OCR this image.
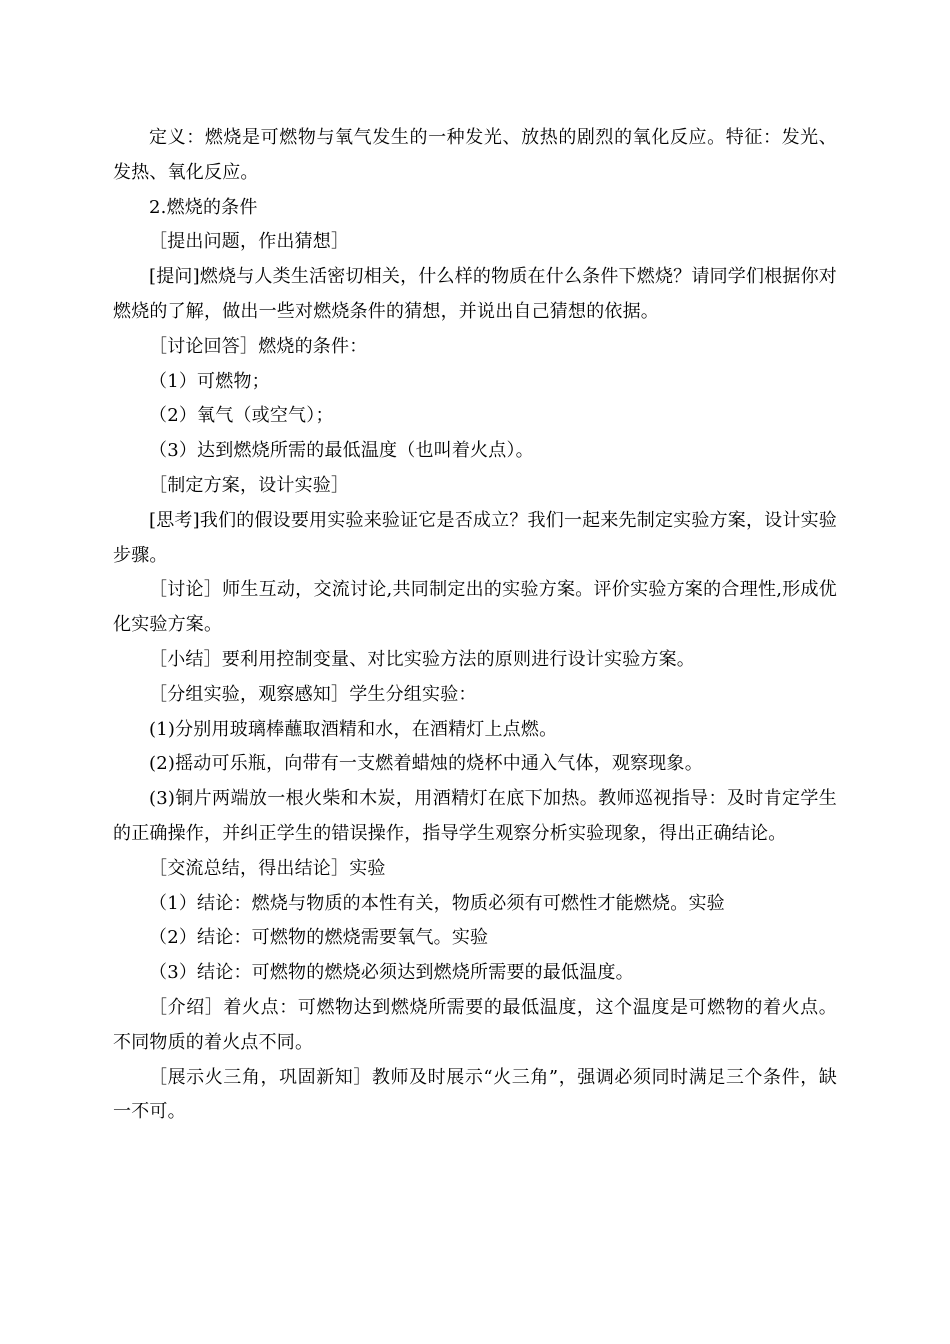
定义：燃烧是可燃物与氧气发生的一种发光、放热的剧烈的氧化反应。特征：发光、发热、氧化反应。

2.燃烧的条件

［提出问题，作出猜想］

[提问]燃烧与人类生活密切相关，什么样的物质在什么条件下燃烧？请同学们根据你对燃烧的了解，做出一些对燃烧条件的猜想，并说出自己猜想的依据。

［讨论回答］燃烧的条件：

（1）可燃物；

（2）氧气（或空气）；

（3）达到燃烧所需的最低温度（也叫着火点）。

［制定方案，设计实验］

[思考]我们的假设要用实验来验证它是否成立？我们一起来先制定实验方案，设计实验步骤。

［讨论］师生互动，交流讨论,共同制定出的实验方案。评价实验方案的合理性,形成优化实验方案。

［小结］要利用控制变量、对比实验方法的原则进行设计实验方案。

［分组实验，观察感知］学生分组实验：

(1)分别用玻璃棒蘸取酒精和水，在酒精灯上点燃。

(2)摇动可乐瓶，向带有一支燃着蜡烛的烧杯中通入气体，观察现象。

(3)铜片两端放一根火柴和木炭，用酒精灯在底下加热。教师巡视指导：及时肯定学生的正确操作，并纠正学生的错误操作，指导学生观察分析实验现象，得出正确结论。

［交流总结，得出结论］实验

（1）结论：燃烧与物质的本性有关，物质必须有可燃性才能燃烧。实验

（2）结论：可燃物的燃烧需要氧气。实验

（3）结论：可燃物的燃烧必须达到燃烧所需要的最低温度。

［介绍］着火点：可燃物达到燃烧所需要的最低温度，这个温度是可燃物的着火点。不同物质的着火点不同。

［展示火三角，巩固新知］教师及时展示“火三角”，强调必须同时满足三个条件，缺一不可。
